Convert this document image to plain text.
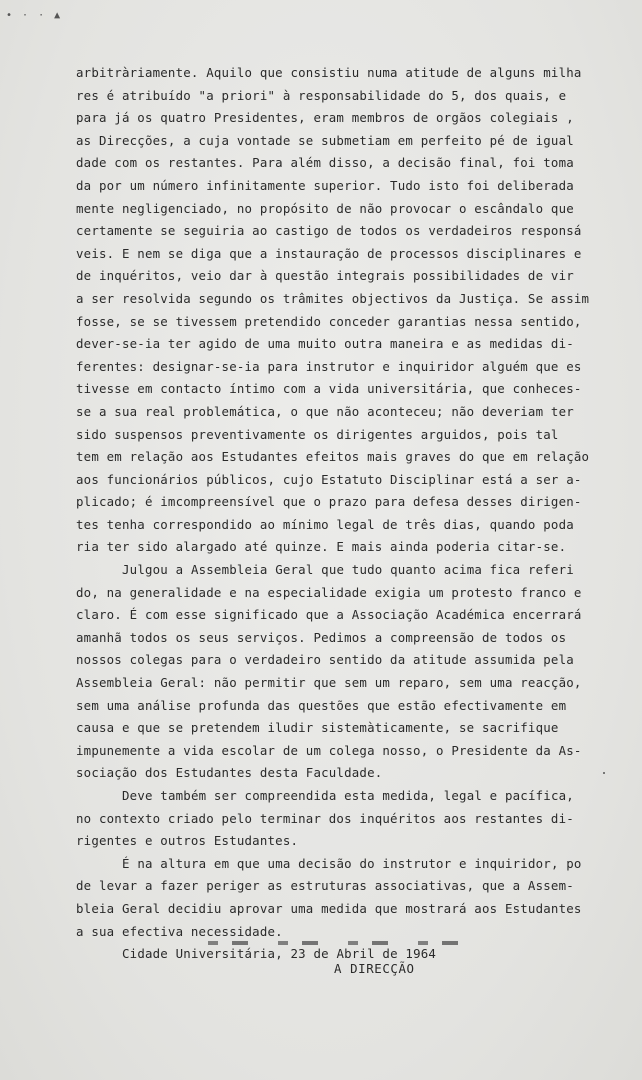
• · · ▲
arbitràriamente. Aquilo que consistiu numa atitude de alguns milha
res é atribuído "a priori" à responsabilidade do 5, dos quais, e
para já os quatro Presidentes, eram membros de orgãos colegiais ,
as Direcções, a cuja vontade se submetiam em perfeito pé de igual
dade com os restantes. Para além disso, a decisão final, foi toma
da por um número infinitamente superior. Tudo isto foi deliberada
mente negligenciado, no propósito de não provocar o escândalo que
certamente se seguiria ao castigo de todos os verdadeiros responsá
veis. E nem se diga que a instauração de processos disciplinares e
de inquéritos, veio dar à questão integrais possibilidades de vir
a ser resolvida segundo os trâmites objectivos da Justiça. Se assim
fosse, se se tivessem pretendido conceder garantias nessa sentido,
dever-se-ia ter agido de uma muito outra maneira e as medidas di-
ferentes: designar-se-ia para instrutor e inquiridor alguém que es
tivesse em contacto íntimo com a vida universitária, que conheces-
se a sua real problemática, o que não aconteceu; não deveriam ter
sido suspensos preventivamente os dirigentes arguidos, pois tal
tem em relação aos Estudantes efeitos mais graves do que em relação
aos funcionários públicos, cujo Estatuto Disciplinar está a ser a-
plicado; é imcompreensível que o prazo para defesa desses dirigen-
tes tenha correspondido ao mínimo legal de três dias, quando poda
ria ter sido alargado até quinze. E mais ainda poderia citar-se.
Julgou a Assembleia Geral que tudo quanto acima fica referi
do, na generalidade e na especialidade exigia um protesto franco e
claro. É com esse significado que a Associação Académica encerrará
amanhã todos os seus serviços. Pedimos a compreensão de todos os
nossos colegas para o verdadeiro sentido da atitude assumida pela
Assembleia Geral: não permitir que sem um reparo, sem uma reacção,
sem uma análise profunda das questões que estão efectivamente em
causa e que se pretendem iludir sistemàticamente, se sacrifique
impunemente a vida escolar de um colega nosso, o Presidente da As-
sociação dos Estudantes desta Faculdade.
Deve também ser compreendida esta medida, legal e pacífica,
no contexto criado pelo terminar dos inquéritos aos restantes di-
rigentes e outros Estudantes.
É na altura em que uma decisão do instrutor e inquiridor, po
de levar a fazer periger as estruturas associativas, que a Assem-
bleia Geral decidiu aprovar uma medida que mostrará aos Estudantes
a sua efectiva necessidade.
Cidade Universitária, 23 de Abril de 1964
A DIRECÇÃO
